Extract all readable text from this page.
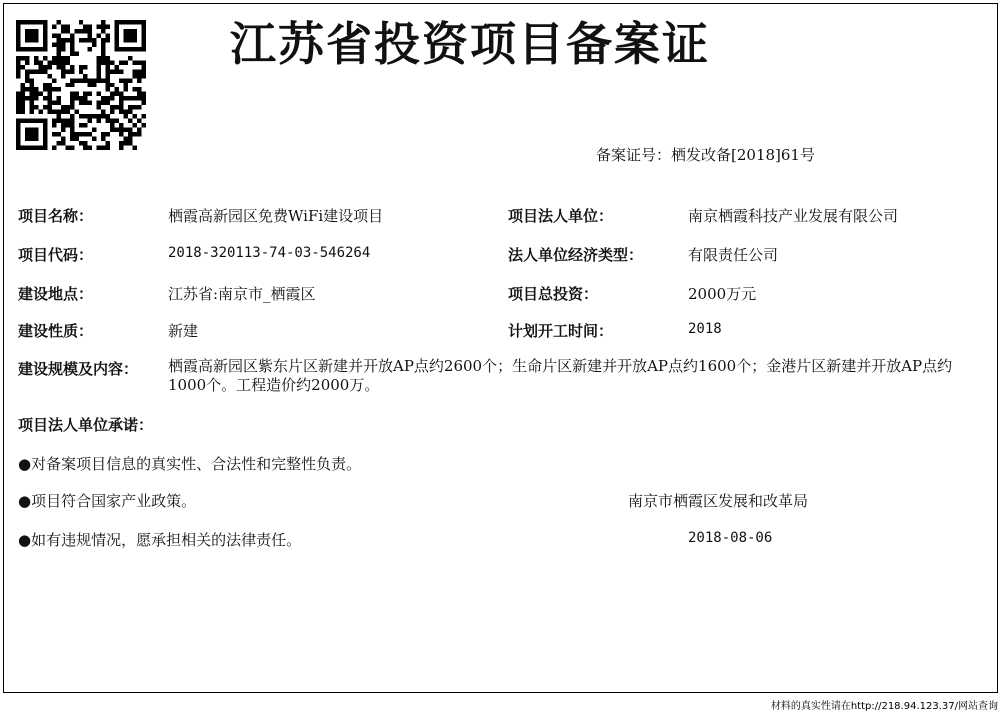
江苏省投资项目备案证
备案证号：栖发改备[2018]61号
项目名称：	栖霞高新园区免费WiFi建设项目	项目法人单位：	南京栖霞科技产业发展有限公司
项目代码：	2018-320113-74-03-546264	法人单位经济类型：	有限责任公司
建设地点：	江苏省:南京市_栖霞区	项目总投资：	2000万元
建设性质：	新建	计划开工时间：	2018
建设规模及内容： 栖霞高新园区紫东片区新建并开放AP点约2600个；生命片区新建并开放AP点约1600个；金港片区新建并开放AP点约1000个。工程造价约2000万。
项目法人单位承诺：
●对备案项目信息的真实性、合法性和完整性负责。
●项目符合国家产业政策。
●如有违规情况，愿承担相关的法律责任。
南京市栖霞区发展和改革局
2018-08-06
材料的真实性请在http://218.94.123.37/网站查询
